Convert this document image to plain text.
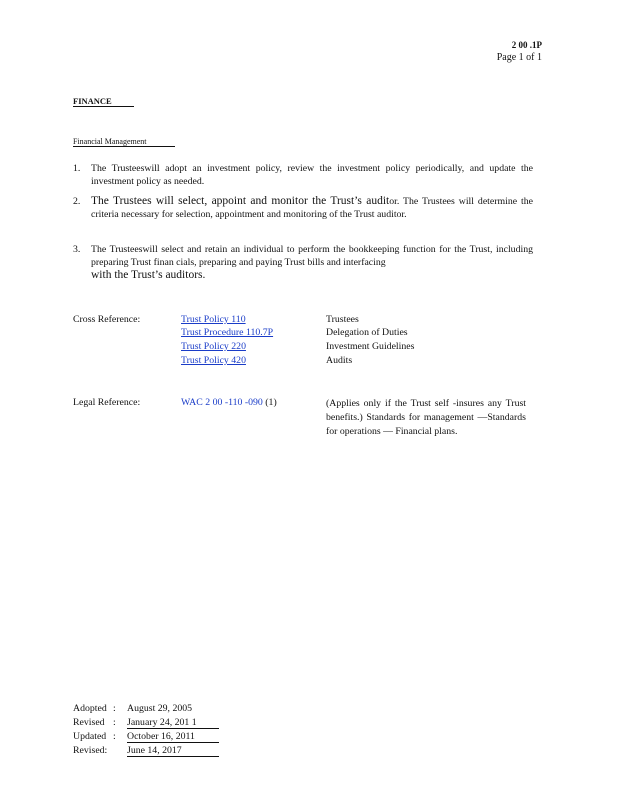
2 00 .1P
Page 1 of 1
FINANCE
Financial Management
1. The Trusteeswill adopt an investment policy, review the investment policy periodically, and update the investment policy as needed.
2. The Trustees will select, appoint and monitor the Trust’s auditor. The Trustees will determine the criteria necessary for selection, appointment and monitoring of the Trust auditor.
3. The Trusteeswill select and retain an individual to perform the bookkeeping function for the Trust, including preparing Trust finan cials, preparing and paying Trust bills and interfacing
with the Trust’s auditors.
Cross Reference:	Trust Policy 110	Trustees
Trust Procedure 110.7P	Delegation of Duties
Trust Policy 220	Investment Guidelines
Trust Policy 420	Audits
Legal Reference:	WAC 2 00 -110 -090 (1)	(Applies only if the Trust self -insures any Trust benefits.) Standards for management —Standards for operations — Financial plans.
Adopted : August 29, 2005
Revised : January 24, 201 1
Updated : October 16, 2011
Revised: June 14, 2017
